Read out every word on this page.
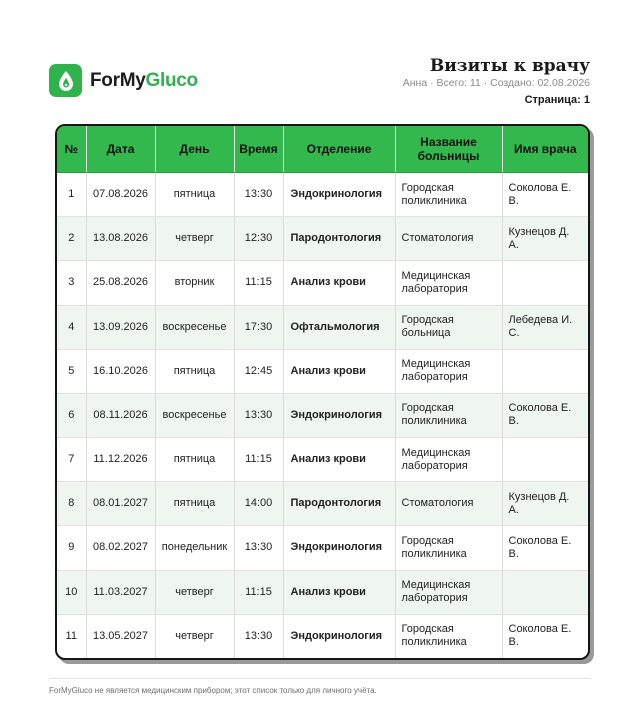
ForMyGluco
Визиты к врачу
Анна · Всего: 11 · Создано: 02.08.2026
Страница: 1
№	Дата	День	Время	Отделение	Название больницы	Имя врача
1	07.08.2026	пятница	13:30	Эндокринология	Городская поликлиника	Соколова Е. В.
2	13.08.2026	четверг	12:30	Пародонтология	Стоматология	Кузнецов Д. А.
3	25.08.2026	вторник	11:15	Анализ крови	Медицинская лаборатория	
4	13.09.2026	воскресенье	17:30	Офтальмология	Городская больница	Лебедева И. С.
5	16.10.2026	пятница	12:45	Анализ крови	Медицинская лаборатория	
6	08.11.2026	воскресенье	13:30	Эндокринология	Городская поликлиника	Соколова Е. В.
7	11.12.2026	пятница	11:15	Анализ крови	Медицинская лаборатория	
8	08.01.2027	пятница	14:00	Пародонтология	Стоматология	Кузнецов Д. А.
9	08.02.2027	понедельник	13:30	Эндокринология	Городская поликлиника	Соколова Е. В.
10	11.03.2027	четверг	11:15	Анализ крови	Медицинская лаборатория	
11	13.05.2027	четверг	13:30	Эндокринология	Городская поликлиника	Соколова Е. В.
ForMyGluco не является медицинским прибором; этот список только для личного учёта.
